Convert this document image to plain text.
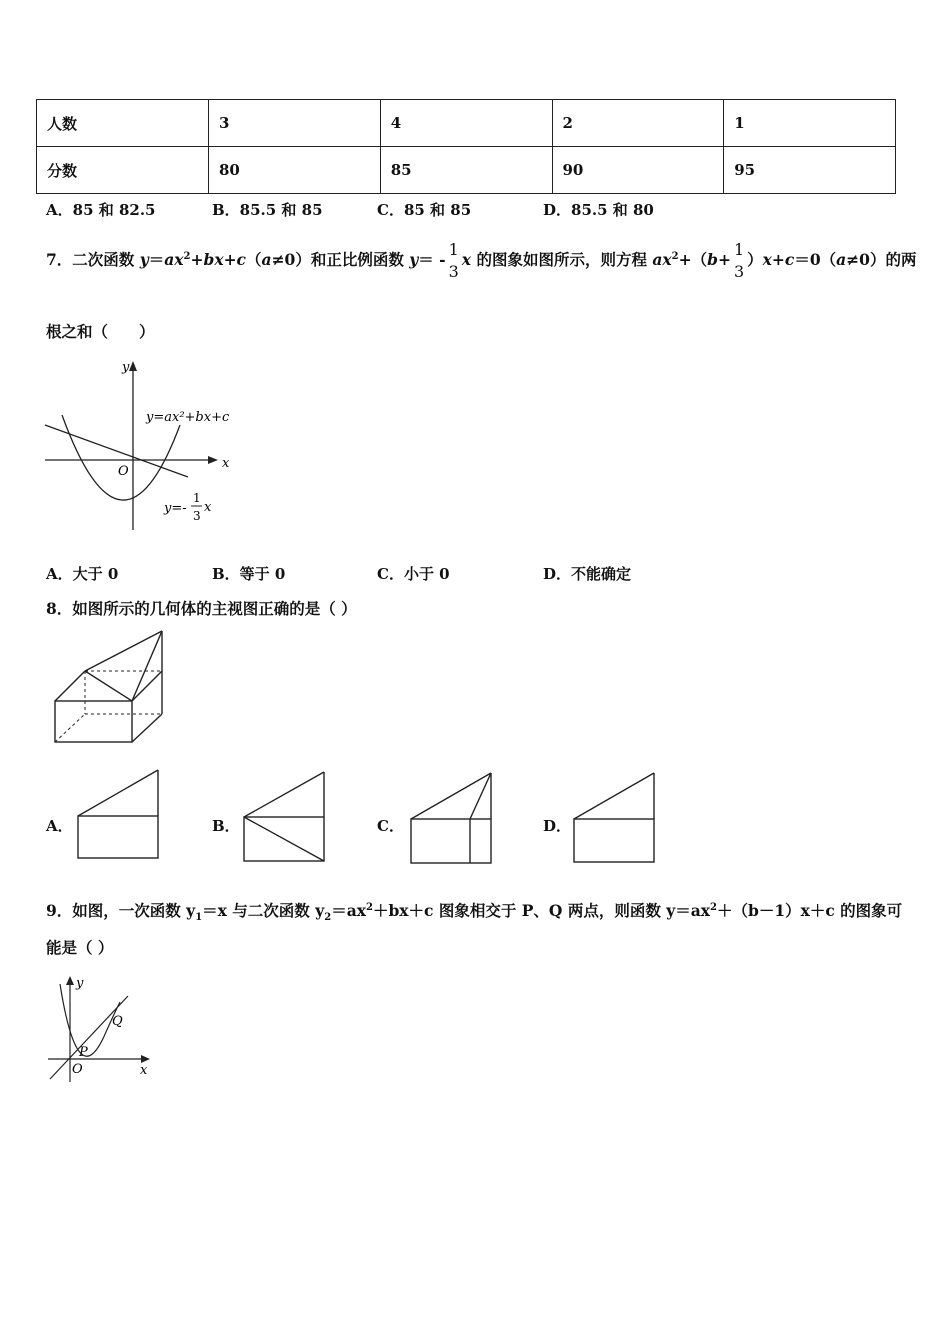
人数	3	4	2	1
分数	80	85	90	95
A．85 和 82.5	B．85.5 和 85	C．85 和 85	D．85.5 和 80
7．二次函数 $y=ax^2+bx+c(a\ne 0)$和正比例函数 y＝ -
1
3
x 的图象如图所示，则方程 $ax^2+(b+$
1
3
）x+c＝0（a≠0）的两
根之和（　　）
y=ax²+bx+c
x
y
O
y=-
1
3
x
A．大于 0	B．等于 0	C．小于 0	D．不能确定
8．如图所示的几何体的主视图正确的是（ ）
A．	B．	C．	D．
9．如图，一次函数 $y_1=x$ 与二次函数 $y_2=ax^2+bx+c$ 图象相交于 P、Q 两点，则函数 $y=ax^2+(b-1)x+c$ 的图象可
能是（ ）
y
x
O
P
Q
